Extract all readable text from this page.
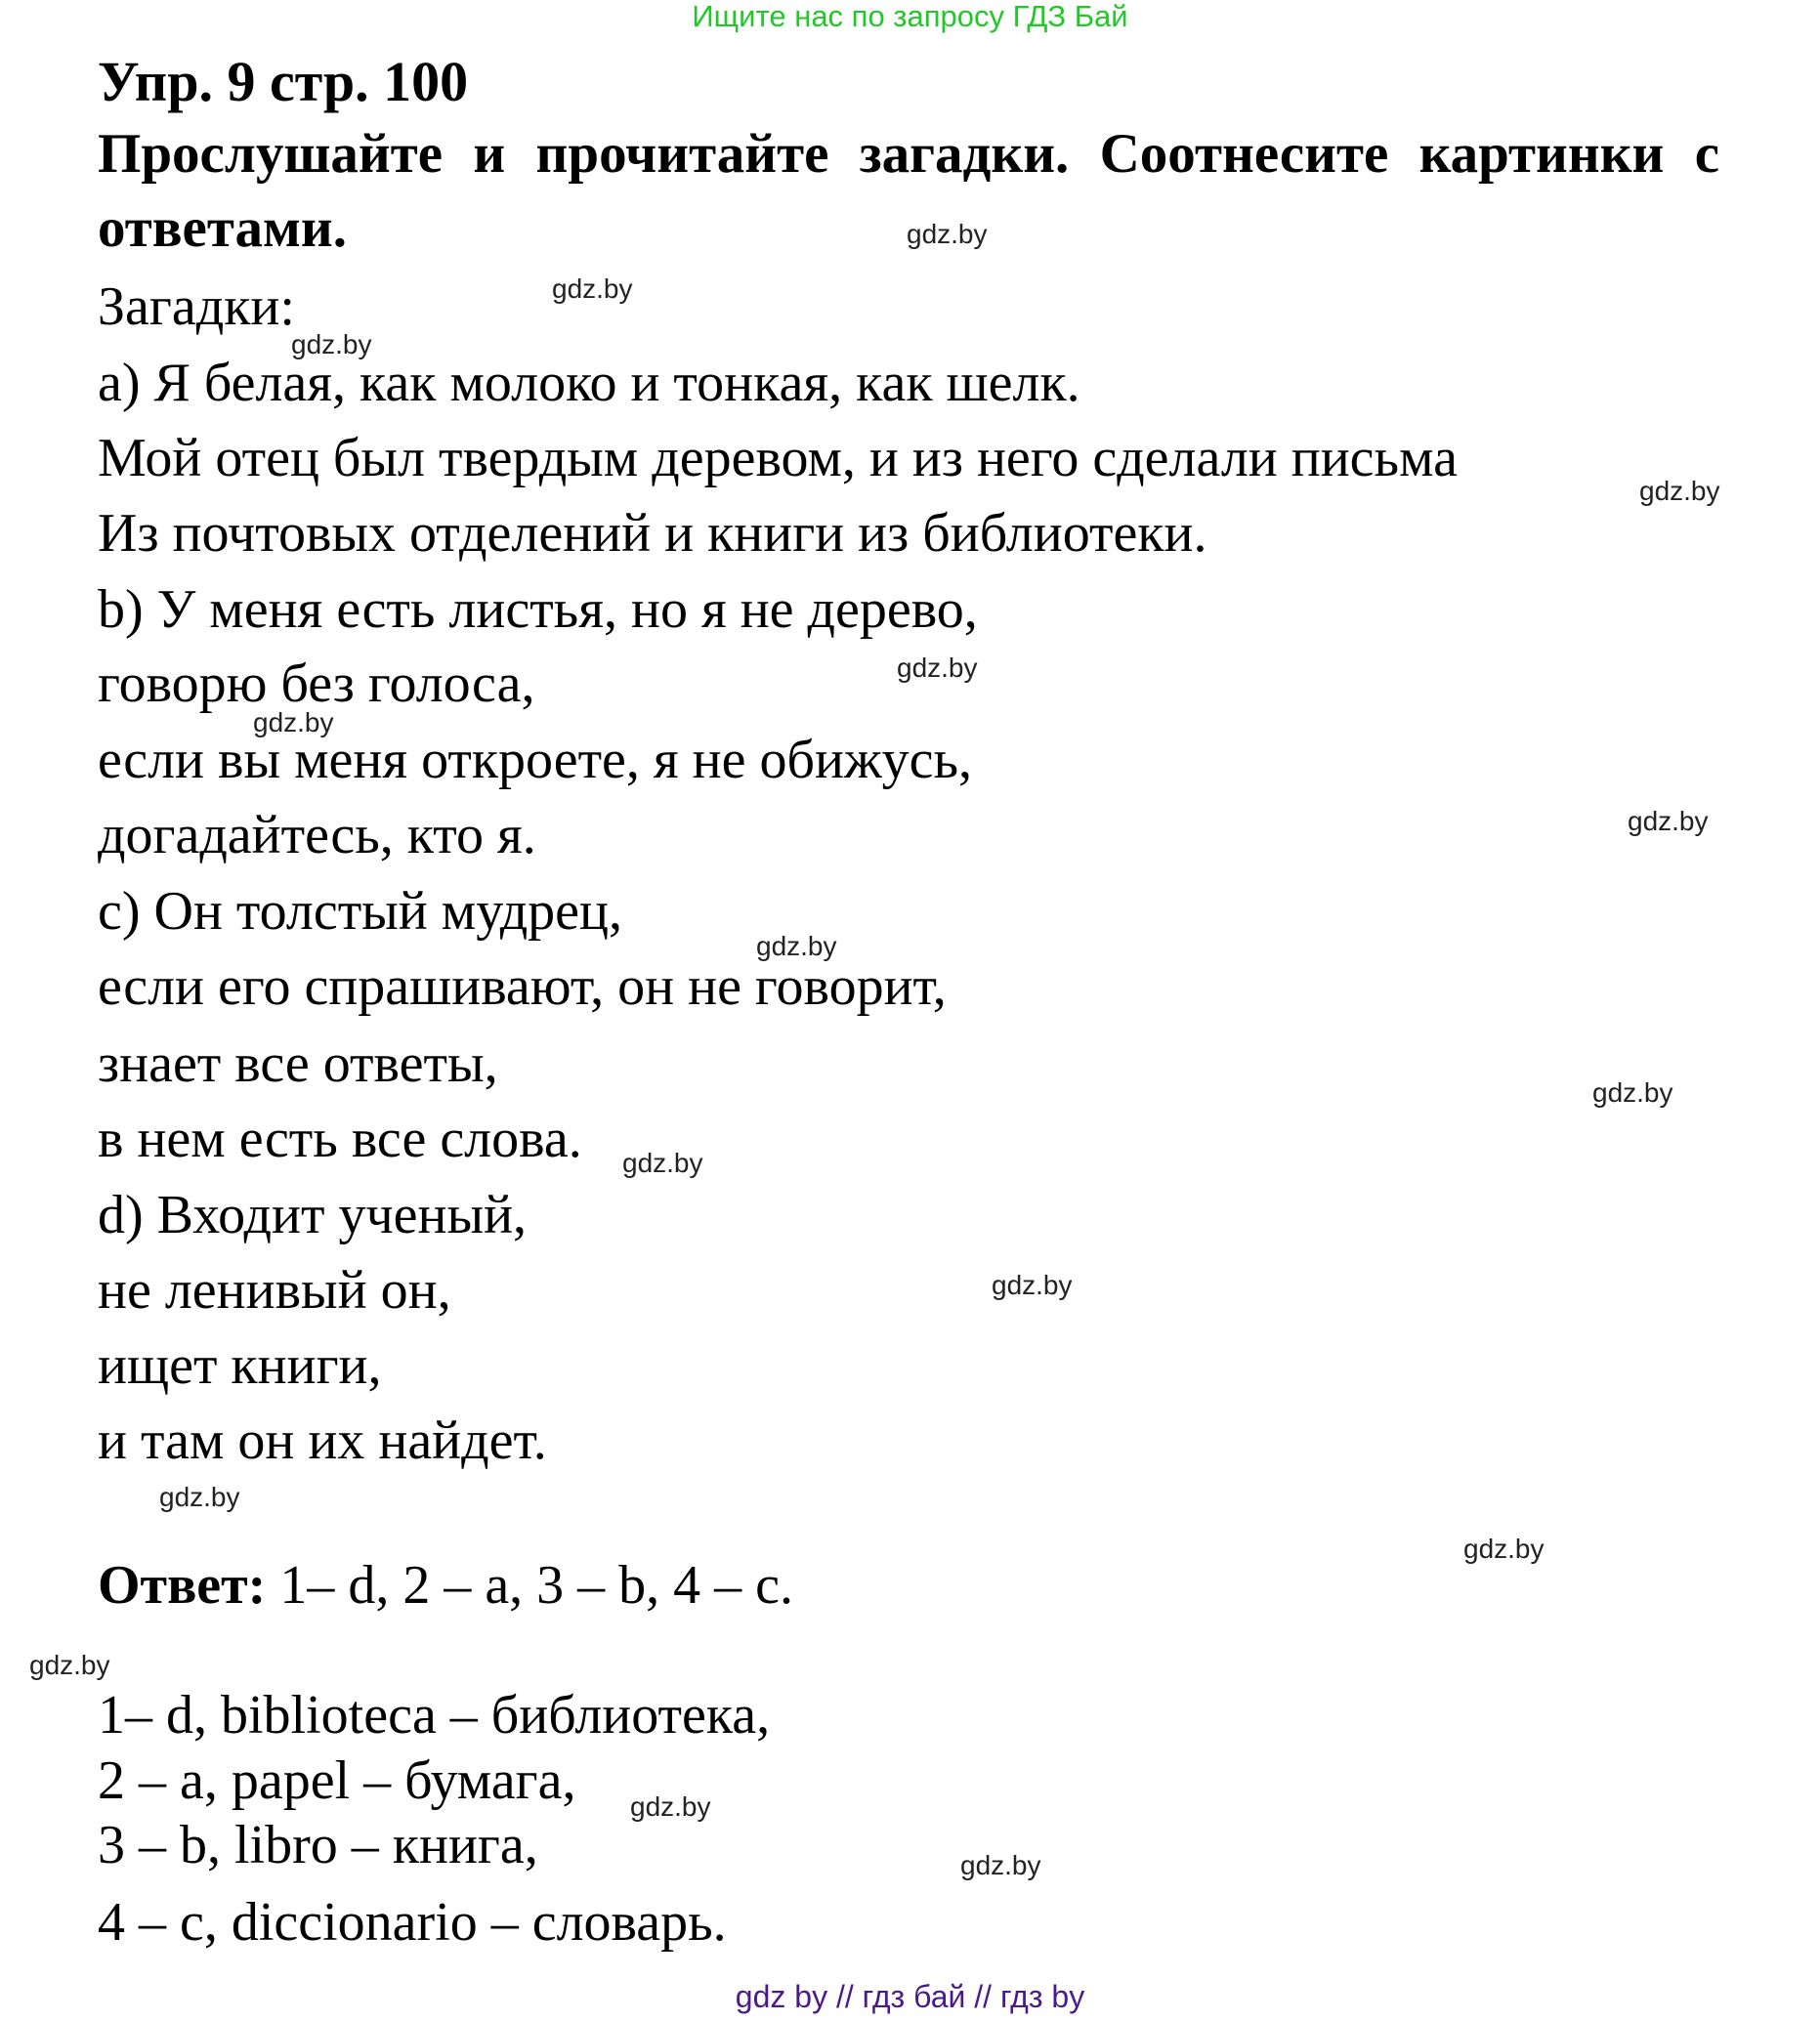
Ищите нас по запросу ГДЗ Бай
Упр. 9 стр. 100
Прослушайте и прочитайте загадки. Соотнесите картинки с
ответами.
Загадки:
a) Я белая, как молоко и тонкая, как шелк.
Мой отец был твердым деревом, и из него сделали письма
Из почтовых отделений и книги из библиотеки.
b) У меня есть листья, но я не дерево,
говорю без голоса,
если вы меня откроете, я не обижусь,
догадайтесь, кто я.
c) Он толстый мудрец,
если его спрашивают, он не говорит,
знает все ответы,
в нем есть все слова.
d) Входит ученый,
не ленивый он,
ищет книги,
и там он их найдет.
Ответ: 1– d, 2 – a, 3 – b, 4 – c.
1– d, biblioteca – библиотека,
2 – a, papel – бумага,
3 – b, libro – книга,
4 – c, diccionario – словарь.
gdz.by
gdz.by
gdz.by
gdz.by
gdz.by
gdz.by
gdz.by
gdz.by
gdz.by
gdz.by
gdz.by
gdz.by
gdz.by
gdz.by
gdz.by
gdz.by
gdz by // гдз бай // гдз by
